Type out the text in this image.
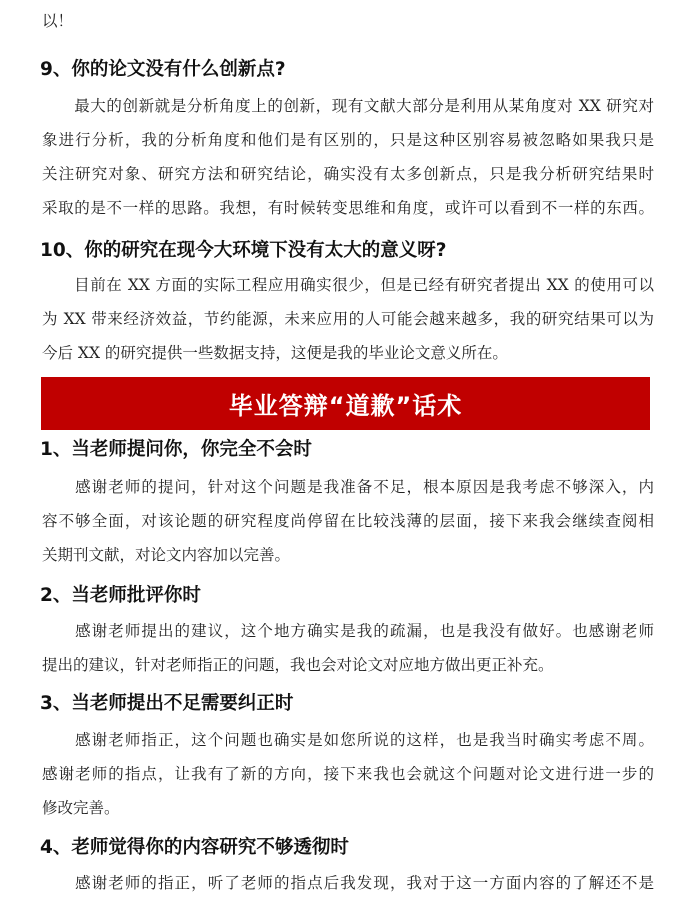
以！

9、你的论文没有什么创新点?

　　最大的创新就是分析角度上的创新，现有文献大部分是利用从某角度对 XX 研究对
象进行分析，我的分析角度和他们是有区别的，只是这种区别容易被忽略如果我只是
关注研究对象、研究方法和研究结论，确实没有太多创新点，只是我分析研究结果时
采取的是不一样的思路。我想，有时候转变思维和角度，或许可以看到不一样的东西。

10、你的研究在现今大环境下没有太大的意义呀?

　　目前在 XX 方面的实际工程应用确实很少，但是已经有研究者提出 XX 的使用可以
为 XX 带来经济效益，节约能源，未来应用的人可能会越来越多，我的研究结果可以为
今后 XX 的研究提供一些数据支持，这便是我的毕业论文意义所在。

毕业答辩“道歉”话术
1、当老师提问你，你完全不会时

　　感谢老师的提问，针对这个问题是我准备不足，根本原因是我考虑不够深入，内
容不够全面，对该论题的研究程度尚停留在比较浅薄的层面，接下来我会继续查阅相
关期刊文献，对论文内容加以完善。

2、当老师批评你时

　　感谢老师提出的建议，这个地方确实是我的疏漏，也是我没有做好。也感谢老师
提出的建议，针对老师指正的问题，我也会对论文对应地方做出更正补充。

3、当老师提出不足需要纠正时

　　感谢老师指正，这个问题也确实是如您所说的这样，也是我当时确实考虑不周。
感谢老师的指点，让我有了新的方向，接下来我也会就这个问题对论文进行进一步的
修改完善。

4、老师觉得你的内容研究不够透彻时

　　感谢老师的指正，听了老师的指点后我发现，我对于这一方面内容的了解还不是
